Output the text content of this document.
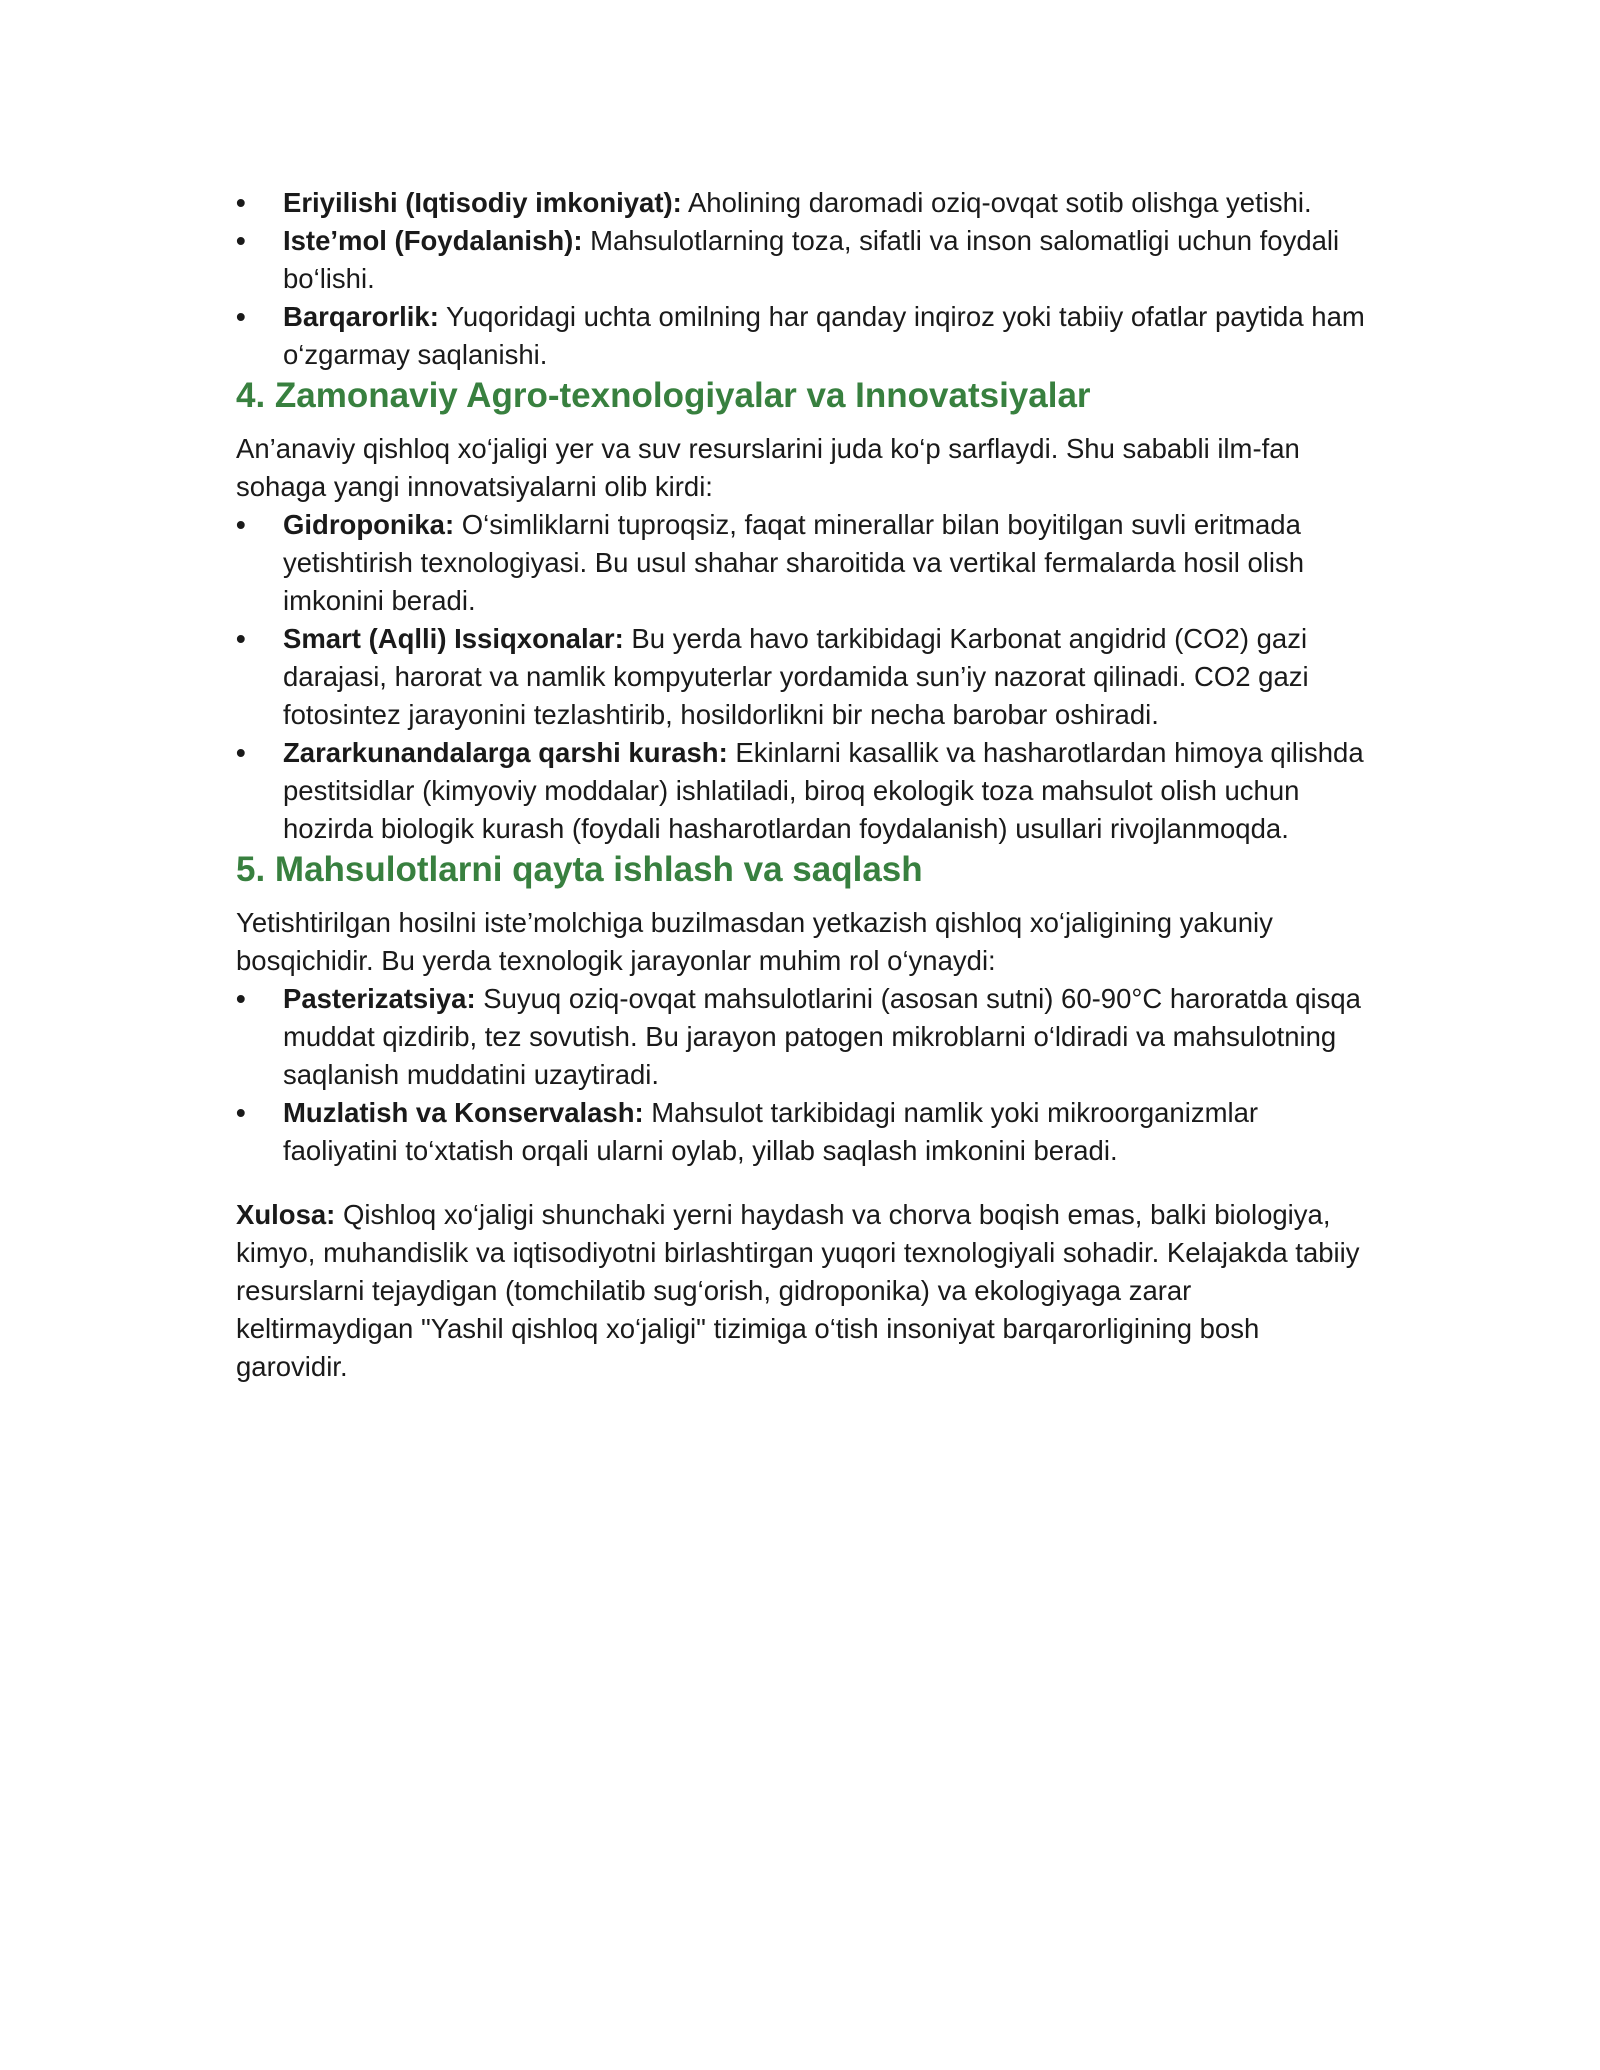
•	Eriyilishi (Iqtisodiy imkoniyat): Aholining daromadi oziq-ovqat sotib olishga yetishi.
•	Iste’mol (Foydalanish): Mahsulotlarning toza, sifatli va inson salomatligi uchun foydali bo‘lishi.
•	Barqarorlik: Yuqoridagi uchta omilning har qanday inqiroz yoki tabiiy ofatlar paytida ham o‘zgarmay saqlanishi.
4. Zamonaviy Agro-texnologiyalar va Innovatsiyalar

An’anaviy qishloq xo‘jaligi yer va suv resurslarini juda ko‘p sarflaydi. Shu sababli ilm-fan sohaga yangi innovatsiyalarni olib kirdi:

•	Gidroponika: O‘simliklarni tuproqsiz, faqat minerallar bilan boyitilgan suvli eritmada yetishtirish texnologiyasi. Bu usul shahar sharoitida va vertikal fermalarda hosil olish imkonini beradi.
•	Smart (Aqlli) Issiqxonalar: Bu yerda havo tarkibidagi Karbonat angidrid (CO2) gazi darajasi, harorat va namlik kompyuterlar yordamida sun’iy nazorat qilinadi. CO2 gazi fotosintez jarayonini tezlashtirib, hosildorlikni bir necha barobar oshiradi.
•	Zararkunandalarga qarshi kurash: Ekinlarni kasallik va hasharotlardan himoya qilishda pestitsidlar (kimyoviy moddalar) ishlatiladi, biroq ekologik toza mahsulot olish uchun hozirda biologik kurash (foydali hasharotlardan foydalanish) usullari rivojlanmoqda.
5. Mahsulotlarni qayta ishlash va saqlash

Yetishtirilgan hosilni iste’molchiga buzilmasdan yetkazish qishloq xo‘jaligining yakuniy bosqichidir. Bu yerda texnologik jarayonlar muhim rol o‘ynaydi:

•	Pasterizatsiya: Suyuq oziq-ovqat mahsulotlarini (asosan sutni) 60-90°C haroratda qisqa muddat qizdirib, tez sovutish. Bu jarayon patogen mikroblarni o‘ldiradi va mahsulotning saqlanish muddatini uzaytiradi.
•	Muzlatish va Konservalash: Mahsulot tarkibidagi namlik yoki mikroorganizmlar faoliyatini to‘xtatish orqali ularni oylab, yillab saqlash imkonini beradi.

Xulosa: Qishloq xo‘jaligi shunchaki yerni haydash va chorva boqish emas, balki biologiya, kimyo, muhandislik va iqtisodiyotni birlashtirgan yuqori texnologiyali sohadir. Kelajakda tabiiy resurslarni tejaydigan (tomchilatib sug‘orish, gidroponika) va ekologiyaga zarar keltirmaydigan "Yashil qishloq xo‘jaligi" tizimiga o‘tish insoniyat barqarorligining bosh garovidir.
